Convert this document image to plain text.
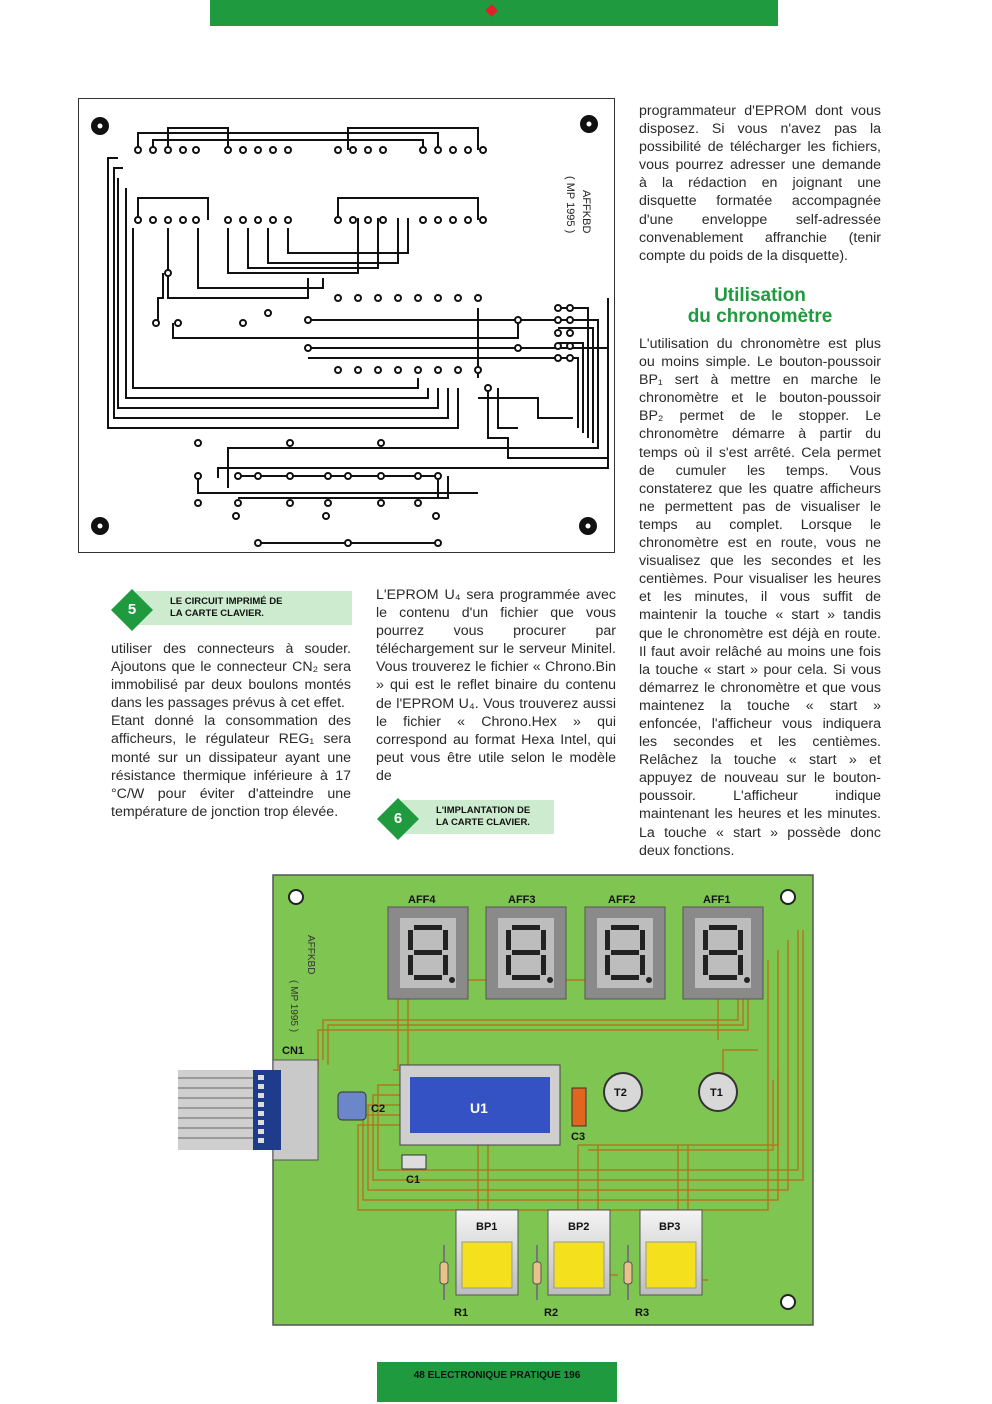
AFFKBD
( MP 1995 )
5	LE CIRCUIT IMPRIMÉ DE
LA CARTE CLAVIER.

utiliser des connecteurs à souder. Ajoutons que le connecteur CN₂ sera immobilisé par deux boulons montés dans les passages prévus à cet effet.

Etant donné la consommation des afficheurs, le régulateur REG₁ sera monté sur un dissipateur ayant une résistance thermique inférieure à 17 °C/W pour éviter d'atteindre une température de jonction trop élevée.

L'EPROM U₄ sera programmée avec le contenu d'un fichier que vous pourrez vous procurer par téléchargement sur le serveur Minitel. Vous trouverez le fichier « Chrono.Bin » qui est le reflet binaire du contenu de l'EPROM U₄. Vous trouverez aussi le fichier « Chrono.Hex » qui correspond au format Hexa Intel, qui peut vous être utile selon le modèle de

6	L'IMPLANTATION DE
LA CARTE CLAVIER.

programmateur d'EPROM dont vous disposez. Si vous n'avez pas la possibilité de télécharger les fichiers, vous pourrez adresser une demande à la rédaction en joignant une disquette formatée accompagnée d'une enveloppe self-adressée convenablement affranchie (tenir compte du poids de la disquette).

Utilisation
du chronomètre

L'utilisation du chronomètre est plus ou moins simple. Le bouton-poussoir BP₁ sert à mettre en marche le chronomètre et le bouton-poussoir BP₂ permet de le stopper. Le chronomètre démarre à partir du temps où il s'est arrêté. Cela permet de cumuler les temps. Vous constaterez que les quatre afficheurs ne permettent pas de visualiser le temps au complet. Lorsque le chronomètre est en route, vous ne visualisez que les secondes et les centièmes. Pour visualiser les heures et les minutes, il vous suffit de maintenir la touche « start » tandis que le chronomètre est déjà en route. Il faut avoir relâché au moins une fois la touche « start » pour cela. Si vous démarrez le chronomètre et que vous maintenez la touche « start » enfoncée, l'afficheur vous indiquera les secondes et les centièmes. Relâchez la touche « start » et appuyez de nouveau sur le bouton-poussoir. L'afficheur indique maintenant les heures et les minutes. La touche « start » possède donc deux fonctions.

AFF4	AFF3	AFF2	AFF1
AFFKBD
( MP 1995 )
CN1
C2	U1
C3
C1
T2	T1
BP1	BP2	BP3
R1	R2	R3
48 ELECTRONIQUE PRATIQUE 196
